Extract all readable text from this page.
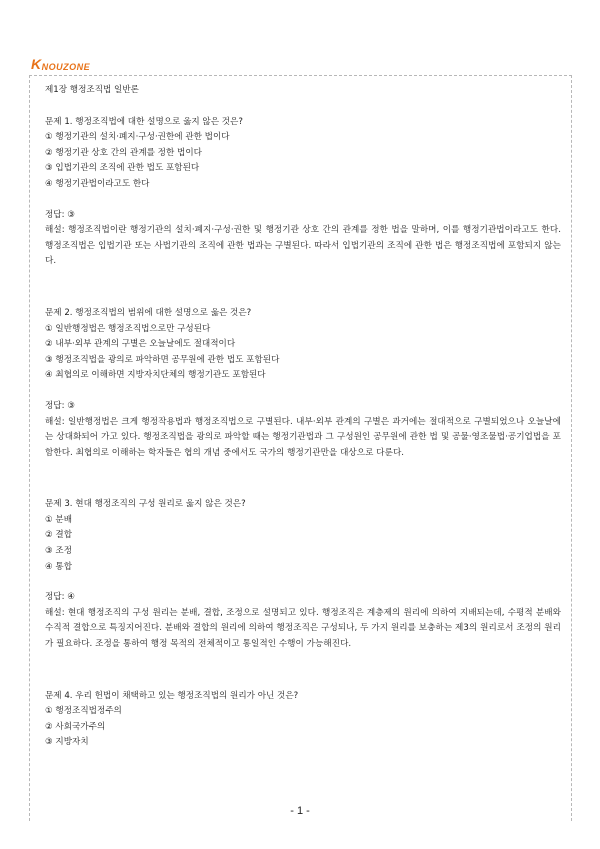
K NOUZONE

제1장 행정조직법 일반론

문제 1. 행정조직법에 대한 설명으로 옳지 않은 것은?

① 행정기관의 설치·폐지·구성·권한에 관한 법이다

② 행정기관 상호 간의 관계를 정한 법이다

③ 입법기관의 조직에 관한 법도 포함된다

④ 행정기관법이라고도 한다

정답: ③

해설: 행정조직법이란 행정기관의 설치·폐지·구성·권한 및 행정기관 상호 간의 관계를 정한 법을 말하며, 이를 행정기관법이라고도 한다. 행정조직법은 입법기관 또는 사법기관의 조직에 관한 법과는 구별된다. 따라서 입법기관의 조직에 관한 법은 행정조직법에 포함되지 않는다.

문제 2. 행정조직법의 범위에 대한 설명으로 옳은 것은?

① 일반행정법은 행정조직법으로만 구성된다

② 내부·외부 관계의 구별은 오늘날에도 절대적이다

③ 행정조직법을 광의로 파악하면 공무원에 관한 법도 포함된다

④ 최협의로 이해하면 지방자치단체의 행정기관도 포함된다

정답: ③

해설: 일반행정법은 크게 행정작용법과 행정조직법으로 구별된다. 내부·외부 관계의 구별은 과거에는 절대적으로 구별되었으나 오늘날에는 상대화되어 가고 있다. 행정조직법을 광의로 파악할 때는 행정기관법과 그 구성원인 공무원에 관한 법 및 공물·영조물법·공기업법을 포함한다. 최협의로 이해하는 학자들은 협의 개념 중에서도 국가의 행정기관만을 대상으로 다룬다.

문제 3. 현대 행정조직의 구성 원리로 옳지 않은 것은?

① 분배

② 결합

③ 조정

④ 통합

정답: ④

해설: 현대 행정조직의 구성 원리는 분배, 결합, 조정으로 설명되고 있다. 행정조직은 계층제의 원리에 의하여 지배되는데, 수평적 분배와 수직적 결합으로 특징지어진다. 분배와 결합의 원리에 의하여 행정조직은 구성되나, 두 가지 원리를 보충하는 제3의 원리로서 조정의 원리가 필요하다. 조정을 통하여 행정 목적의 전체적이고 통일적인 수행이 가능해진다.

문제 4. 우리 헌법이 채택하고 있는 행정조직법의 원리가 아닌 것은?

① 행정조직법정주의

② 사회국가주의

③ 지방자치

- 1 -
